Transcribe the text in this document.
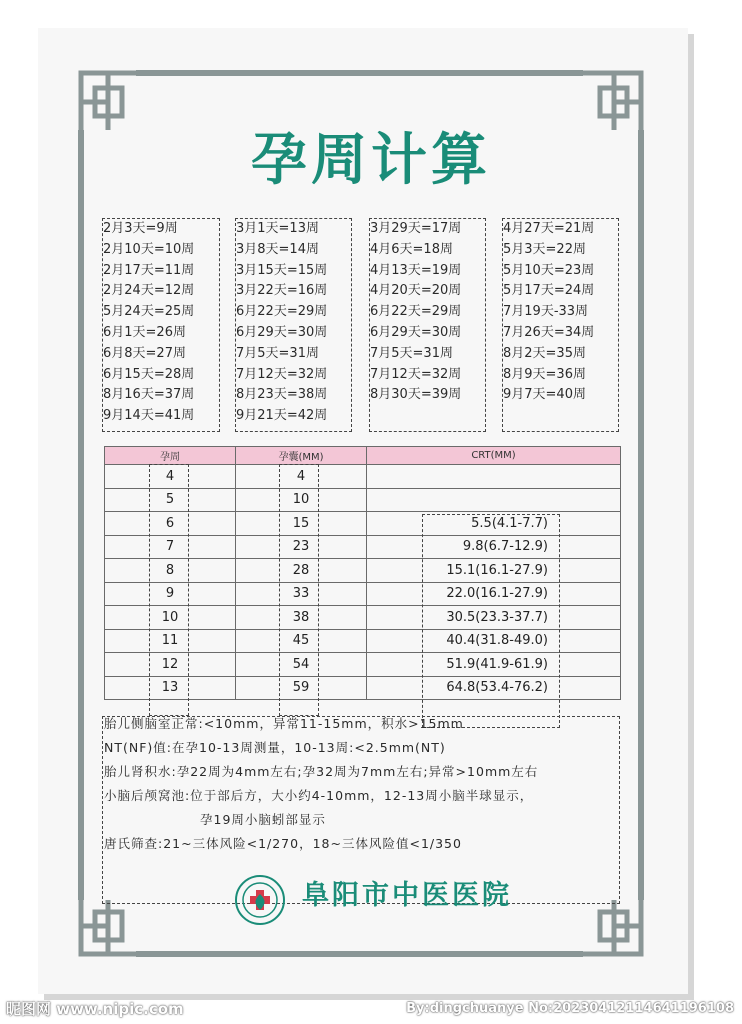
孕周计算
2月3天=9周
2月10天=10周
2月17天=11周
2月24天=12周
5月24天=25周
6月1天=26周
6月8天=27周
6月15天=28周
8月16天=37周
9月14天=41周
3月1天=13周
3月8天=14周
3月15天=15周
3月22天=16周
6月22天=29周
6月29天=30周
7月5天=31周
7月12天=32周
8月23天=38周
9月21天=42周
3月29天=17周
4月6天=18周
4月13天=19周
4月20天=20周
6月22天=29周
6月29天=30周
7月5天=31周
7月12天=32周
8月30天=39周
4月27天=21周
5月3天=22周
5月10天=23周
5月17天=24周
7月19天-33周
7月26天=34周
8月2天=35周
8月9天=36周
9月7天=40周
孕周	孕囊(MM)	CRT(MM)
4	4	
5	10	
6	15	5.5(4.1-7.7)
7	23	9.8(6.7-12.9)
8	28	15.1(16.1-27.9)
9	33	22.0(16.1-27.9)
10	38	30.5(23.3-37.7)
11	45	40.4(31.8-49.0)
12	54	51.9(41.9-61.9)
13	59	64.8(53.4-76.2)
胎儿侧脑室正常:<10mm，异常11-15mm，积水>15mm
NT(NF)值:在孕10-13周测量，10-13周:<2.5mm(NT)
胎儿肾积水:孕22周为4mm左右;孕32周为7mm左右;异常>10mm左右
小脑后颅窝池:位于部后方，大小约4-10mm，12-13周小脑半球显示，
孕19周小脑蚓部显示
唐氏筛查:21~三体风险<1/270，18~三体风险值<1/350
阜阳市中医医院
昵图网 www.nipic.com	By:dingchuanye No:20230412114641196108
